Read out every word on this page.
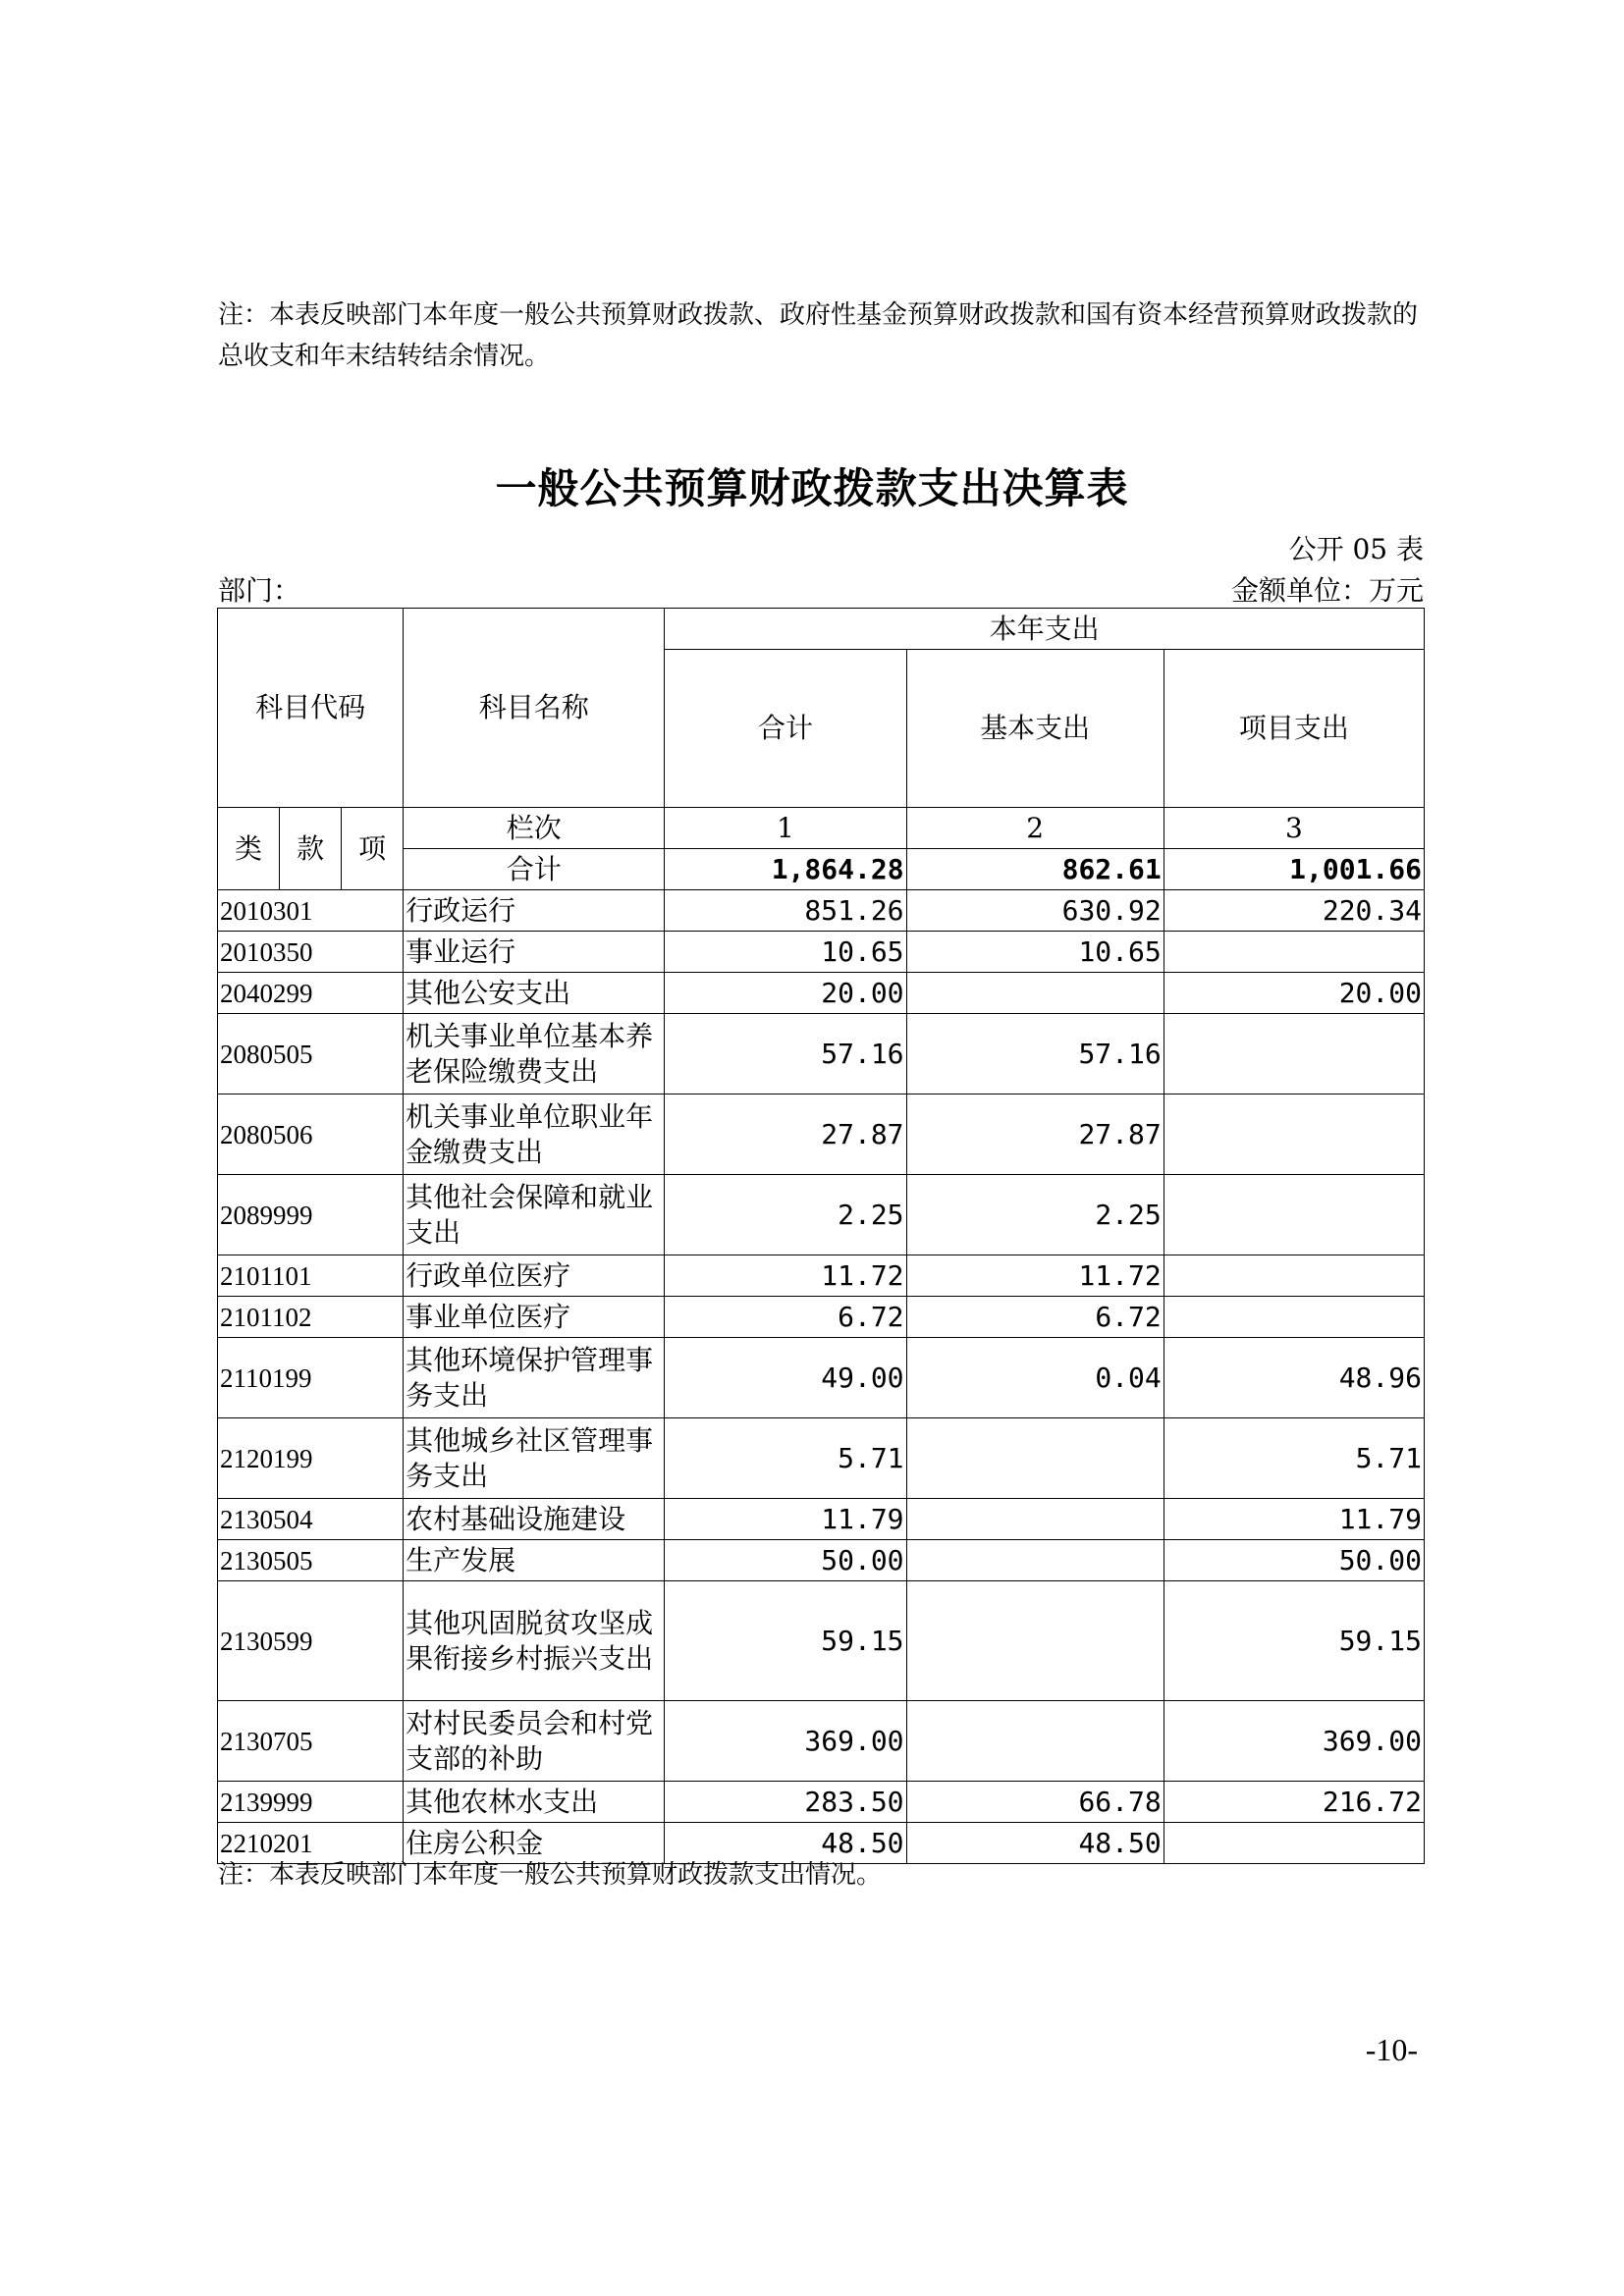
注：本表反映部门本年度一般公共预算财政拨款、政府性基金预算财政拨款和国有资本经营预算财政拨款的总收支和年末结转结余情况。
一般公共预算财政拨款支出决算表
公开 05 表
部门：	金额单位：万元
科目代码			科目名称	本年支出		
				合计	基本支出	项目支出
类	款	项	栏次	1	2	3
			合计	1,864.28	862.61	1,001.66
2010301			行政运行	851.26	630.92	220.34
2010350			事业运行	10.65	10.65	
2040299			其他公安支出	20.00		20.00
2080505			机关事业单位基本养老保险缴费支出	57.16	57.16	
2080506			机关事业单位职业年金缴费支出	27.87	27.87	
2089999			其他社会保障和就业支出	2.25	2.25	
2101101			行政单位医疗	11.72	11.72	
2101102			事业单位医疗	6.72	6.72	
2110199			其他环境保护管理事务支出	49.00	0.04	48.96
2120199			其他城乡社区管理事务支出	5.71		5.71
2130504			农村基础设施建设	11.79		11.79
2130505			生产发展	50.00		50.00
2130599			其他巩固脱贫攻坚成果衔接乡村振兴支出	59.15		59.15
2130705			对村民委员会和村党支部的补助	369.00		369.00
2139999			其他农林水支出	283.50	66.78	216.72
2210201			住房公积金	48.50	48.50	
注：本表反映部门本年度一般公共预算财政拨款支出情况。
-10-
